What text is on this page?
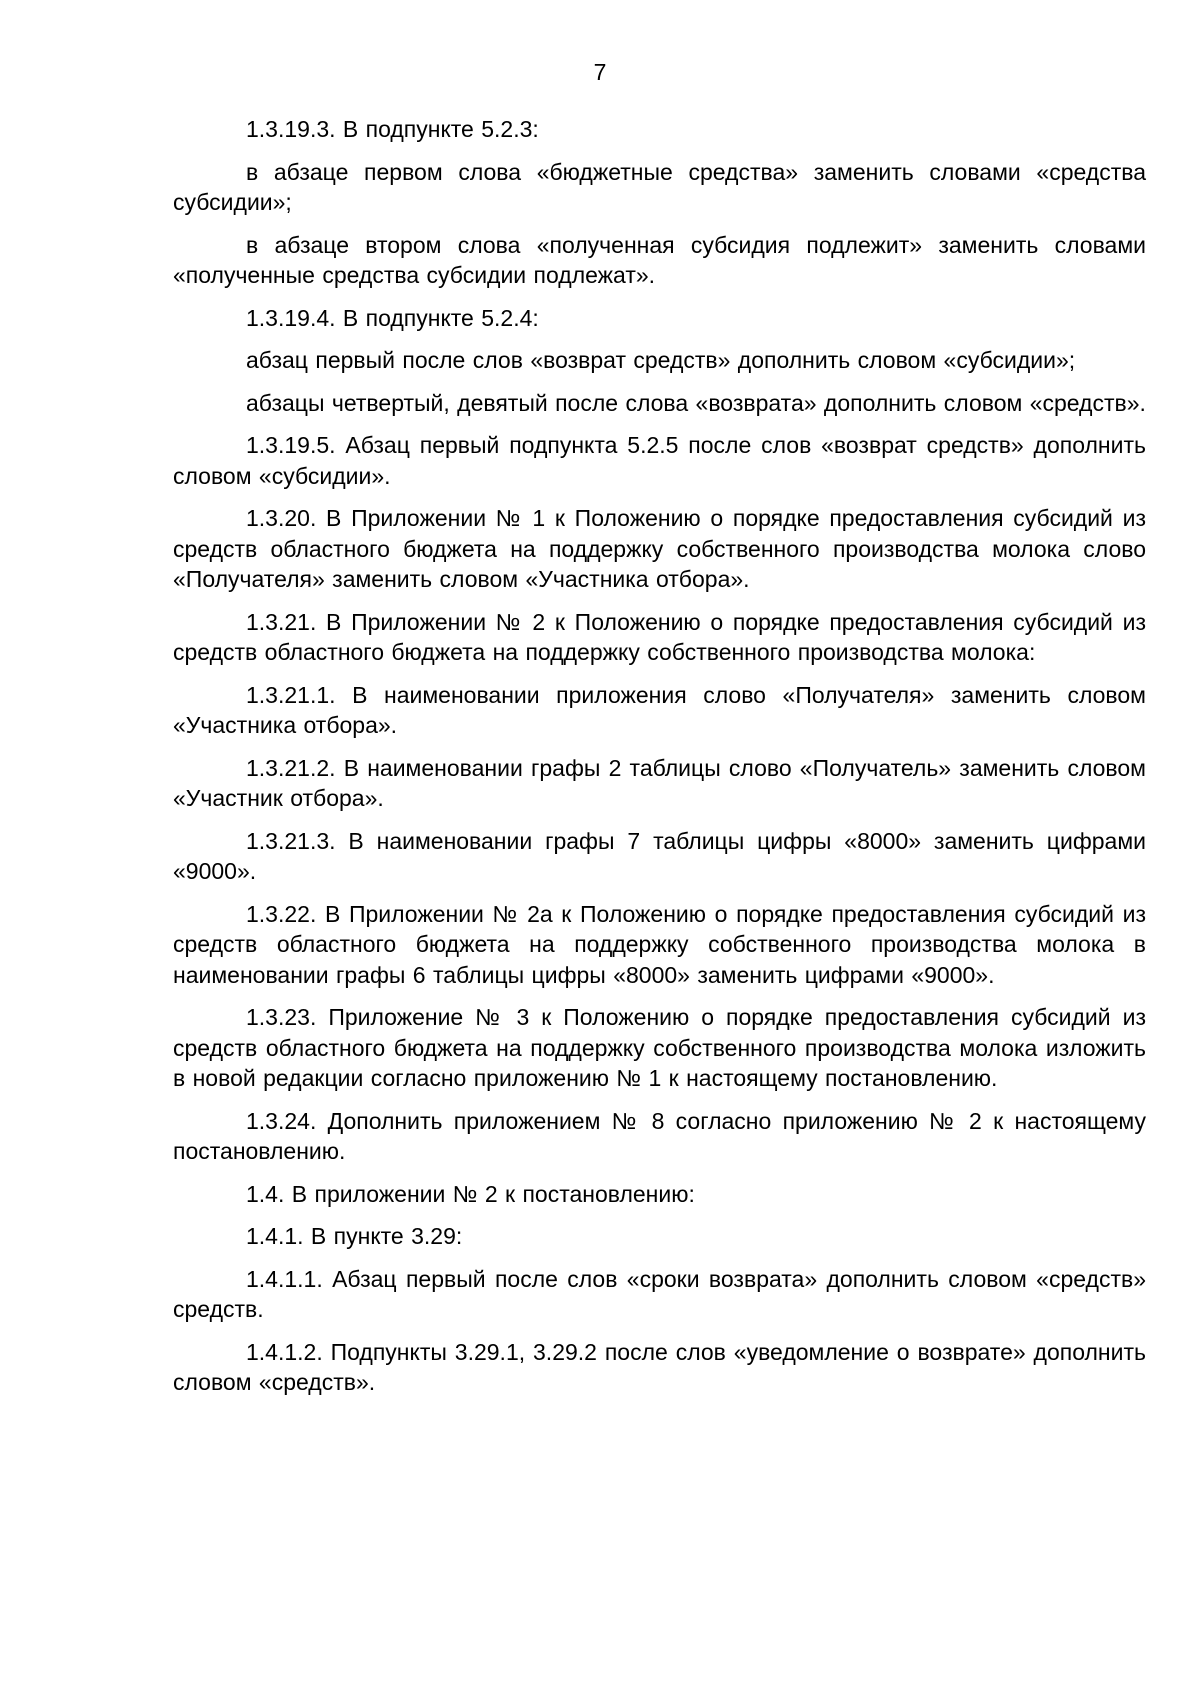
7

1.3.19.3. В подпункте 5.2.3:

в абзаце первом слова «бюджетные средства» заменить словами «средства субсидии»;

в абзаце втором слова «полученная субсидия подлежит» заменить словами «полученные средства субсидии подлежат».

1.3.19.4. В подпункте 5.2.4:

абзац первый после слов «возврат средств» дополнить словом «субсидии»;

абзацы четвертый, девятый после слова «возврата» дополнить словом «средств».

1.3.19.5. Абзац первый подпункта 5.2.5 после слов «возврат средств» дополнить словом «субсидии».

1.3.20. В Приложении № 1 к Положению о порядке предоставления субсидий из средств областного бюджета на поддержку собственного производства молока слово «Получателя» заменить словом «Участника отбора».

1.3.21. В Приложении № 2 к Положению о порядке предоставления субсидий из средств областного бюджета на поддержку собственного производства молока:

1.3.21.1. В наименовании приложения слово «Получателя» заменить словом «Участника отбора».

1.3.21.2. В наименовании графы 2 таблицы слово «Получатель» заменить словом «Участник отбора».

1.3.21.3. В наименовании графы 7 таблицы цифры «8000» заменить цифрами «9000».

1.3.22. В Приложении № 2а к Положению о порядке предоставления субсидий из средств областного бюджета на поддержку собственного производства молока в наименовании графы 6 таблицы цифры «8000» заменить цифрами «9000».

1.3.23. Приложение № 3 к Положению о порядке предоставления субсидий из средств областного бюджета на поддержку собственного производства молока изложить в новой редакции согласно приложению № 1 к настоящему постановлению.

1.3.24. Дополнить приложением № 8 согласно приложению № 2 к настоящему постановлению.

1.4. В приложении № 2 к постановлению:

1.4.1. В пункте 3.29:

1.4.1.1. Абзац первый после слов «сроки возврата» дополнить словом «средств» средств.

1.4.1.2. Подпункты 3.29.1, 3.29.2 после слов «уведомление о возврате» дополнить словом «средств».
